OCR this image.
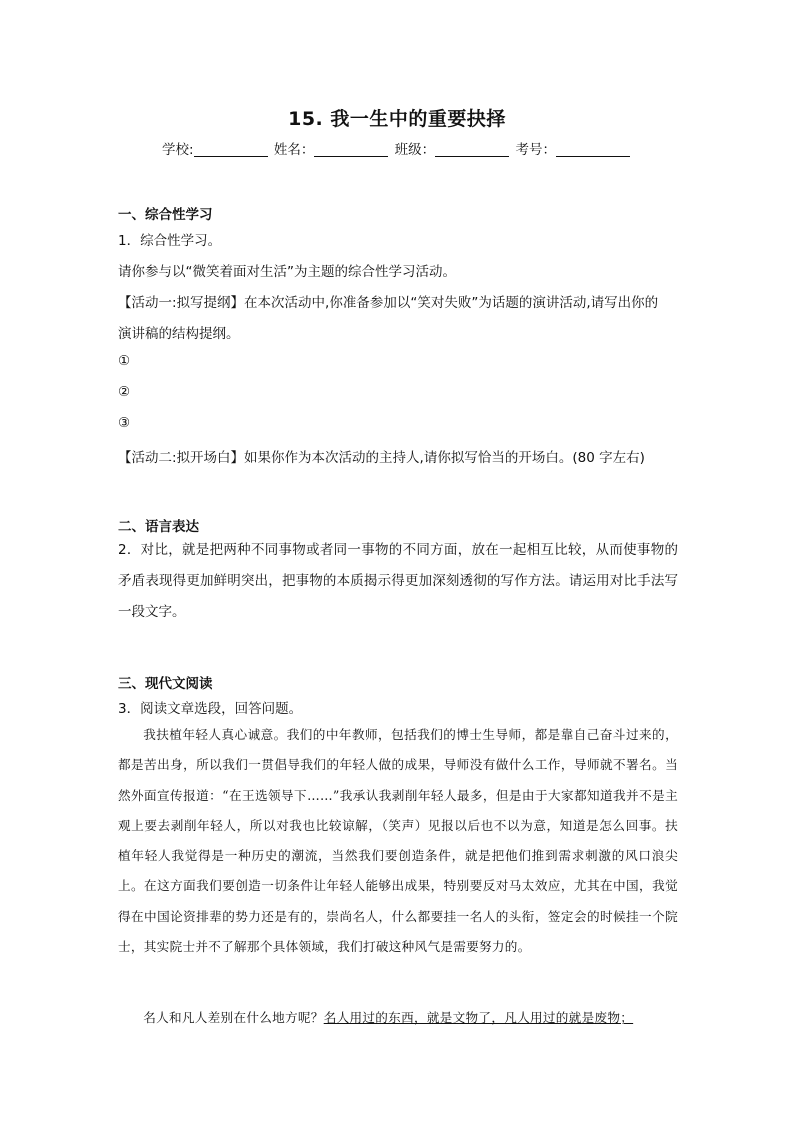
15. 我一生中的重要抉择
学校:	姓名：	班级：	考号：
一、综合性学习
1．综合性学习。
请你参与以“微笑着面对生活”为主题的综合性学习活动。
【活动一:拟写提纲】在本次活动中,你准备参加以“笑对失败”为话题的演讲活动,请写出你的
演讲稿的结构提纲。
①
②
③
【活动二:拟开场白】如果你作为本次活动的主持人,请你拟写恰当的开场白。(80 字左右)
二、语言表达
2．对比，就是把两种不同事物或者同一事物的不同方面，放在一起相互比较，从而使事物的矛盾表现得更加鲜明突出，把事物的本质揭示得更加深刻透彻的写作方法。请运用对比手法写一段文字。
三、现代文阅读
3．阅读文章选段，回答问题。
我扶植年轻人真心诚意。我们的中年教师，包括我们的博士生导师，都是靠自己奋斗过来的，都是苦出身，所以我们一贯倡导我们的年轻人做的成果，导师没有做什么工作，导师就不署名。当然外面宣传报道：“在王选领导下……”我承认我剥削年轻人最多，但是由于大家都知道我并不是主观上要去剥削年轻人，所以对我也比较谅解，（笑声）见报以后也不以为意，知道是怎么回事。扶植年轻人我觉得是一种历史的潮流，当然我们要创造条件，就是把他们推到需求刺激的风口浪尖上。在这方面我们要创造一切条件让年轻人能够出成果，特别要反对马太效应，尤其在中国，我觉得在中国论资排辈的势力还是有的，崇尚名人，什么都要挂一名人的头衔，签定会的时候挂一个院士，其实院士并不了解那个具体领域，我们打破这种风气是需要努力的。
名人和凡人差别在什么地方呢？名人用过的东西，就是文物了，凡人用过的就是废物；
